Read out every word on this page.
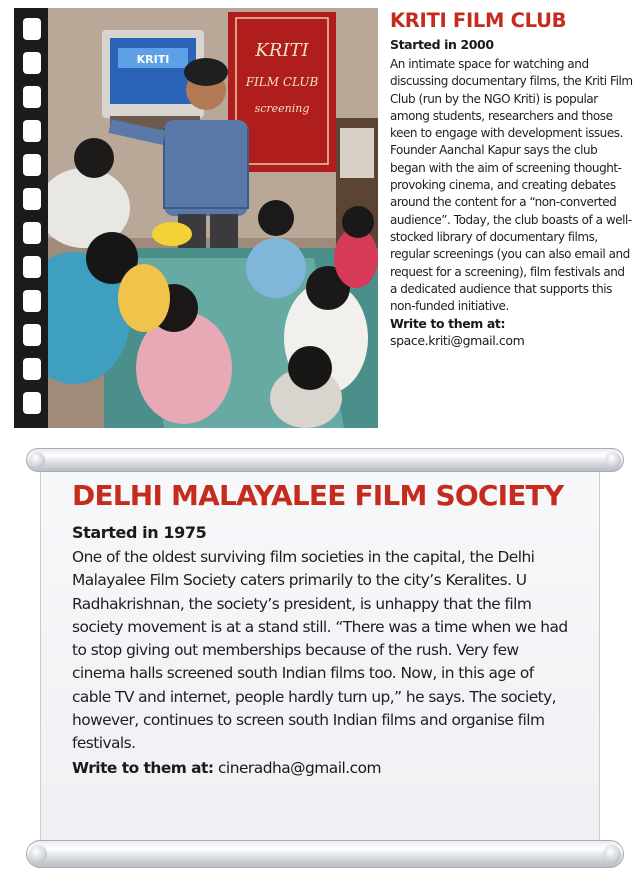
KRITI
FILM CLUB
screening
KRITI
KRITI FILM CLUB
Started in 2000

An intimate space for watching and discussing documentary films, the Kriti Film Club (run by the NGO Kriti) is popular among students, researchers and those keen to engage with development issues. Founder Aanchal Kapur says the club began with the aim of screening thought-provoking cinema, and creating debates around the content for a “non-converted audience”. Today, the club boasts of a well-stocked library of documentary films, regular screenings (you can also email and request for a screening), film festivals and a dedicated audience that supports this non-funded initiative.

Write to them at:
space.kriti@gmail.com
DELHI MALAYALEE FILM SOCIETY
Started in 1975

One of the oldest surviving film societies in the capital, the Delhi Malayalee Film Society caters primarily to the city’s Keralites. U Radhakrishnan, the society’s president, is unhappy that the film society movement is at a stand still. “There was a time when we had to stop giving out memberships because of the rush. Very few cinema halls screened south Indian films too. Now, in this age of cable TV and internet, people hardly turn up,” he says. The society, however, continues to screen south Indian films and organise film festivals.

Write to them at: cineradha@gmail.com
